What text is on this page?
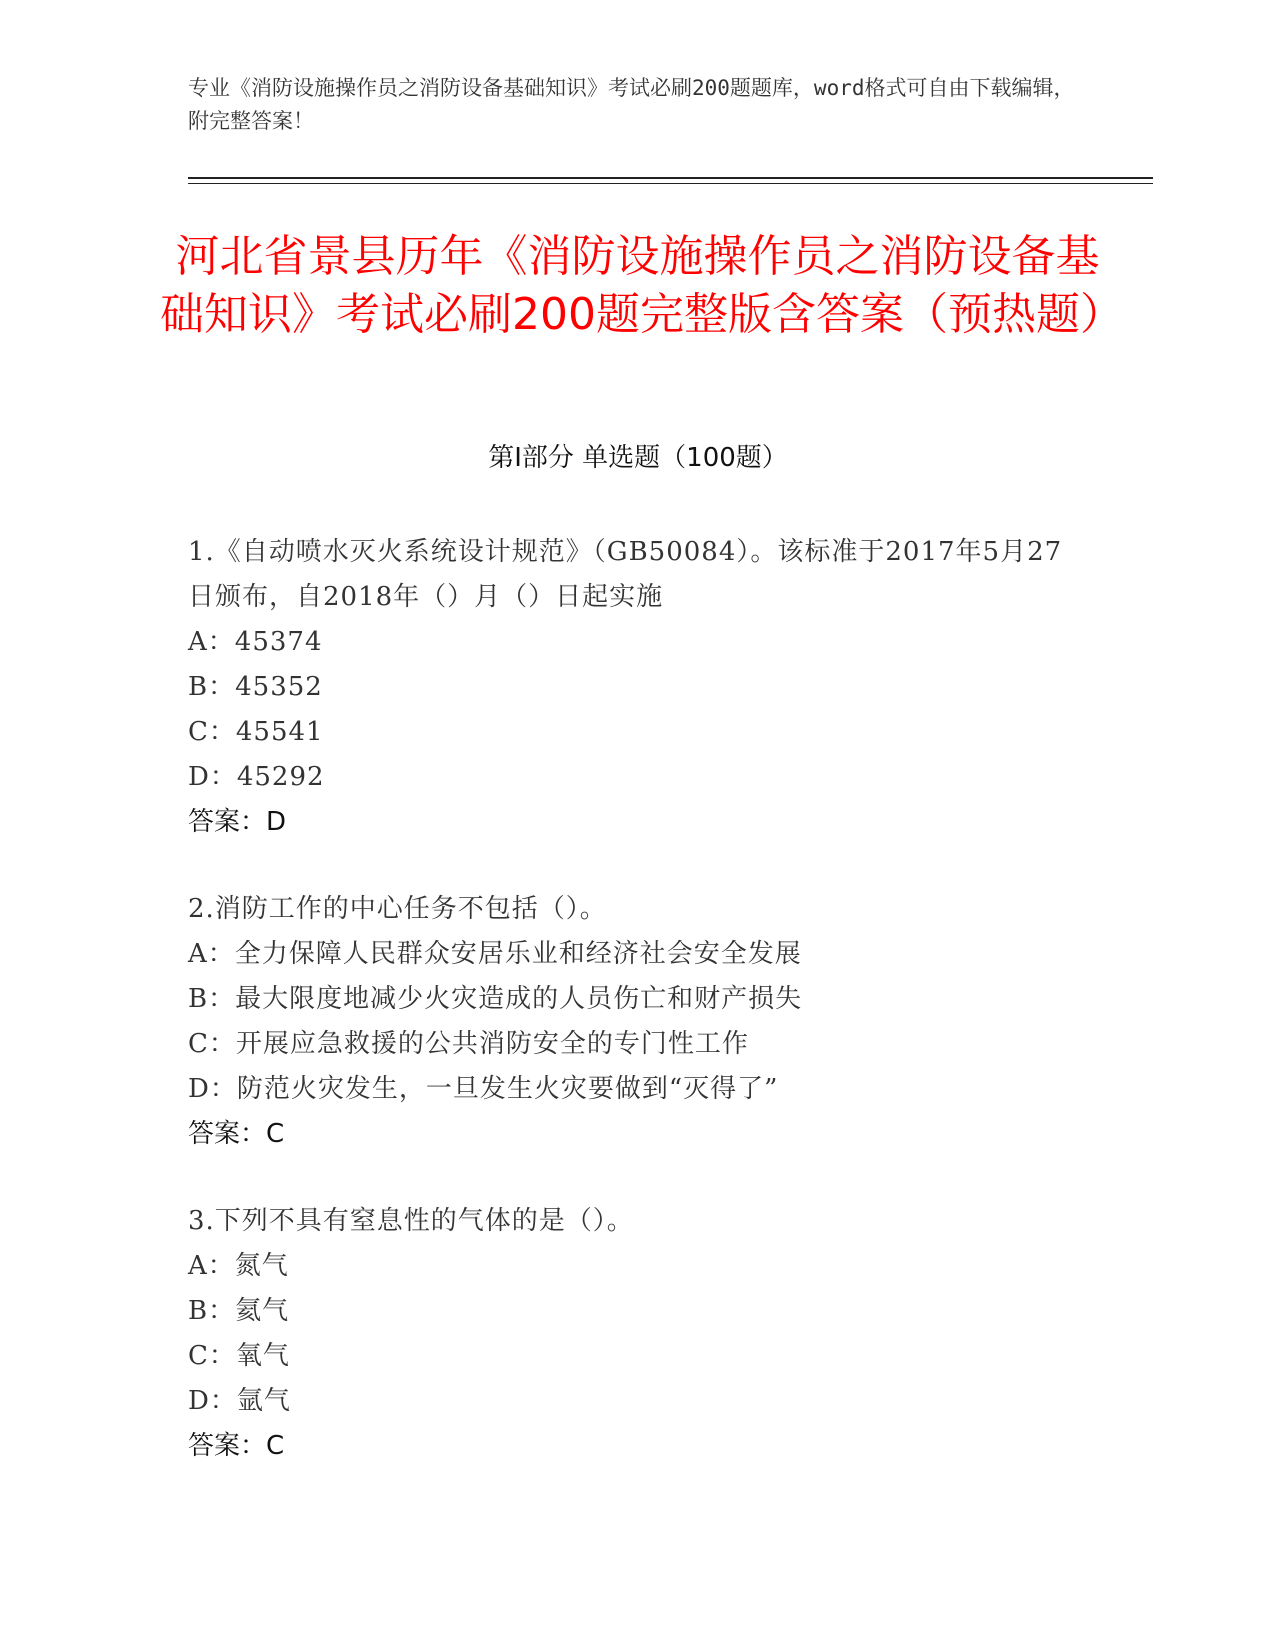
专业《消防设施操作员之消防设备基础知识》考试必刷200题题库，word格式可自由下载编辑，附完整答案！
河北省景县历年《消防设施操作员之消防设备基础知识》考试必刷200题完整版含答案（预热题）
第I部分 单选题（100题）
1.《自动喷水灭火系统设计规范》（GB50084）。该标准于2017年5月27日颁布，自2018年（）月（）日起实施
A：45374
B：45352
C：45541
D：45292
答案：D
2.消防工作的中心任务不包括（）。
A：全力保障人民群众安居乐业和经济社会安全发展
B：最大限度地减少火灾造成的人员伤亡和财产损失
C：开展应急救援的公共消防安全的专门性工作
D：防范火灾发生，一旦发生火灾要做到“灭得了”
答案：C
3.下列不具有窒息性的气体的是（）。
A：氮气
B：氦气
C：氧气
D：氩气
答案：C
